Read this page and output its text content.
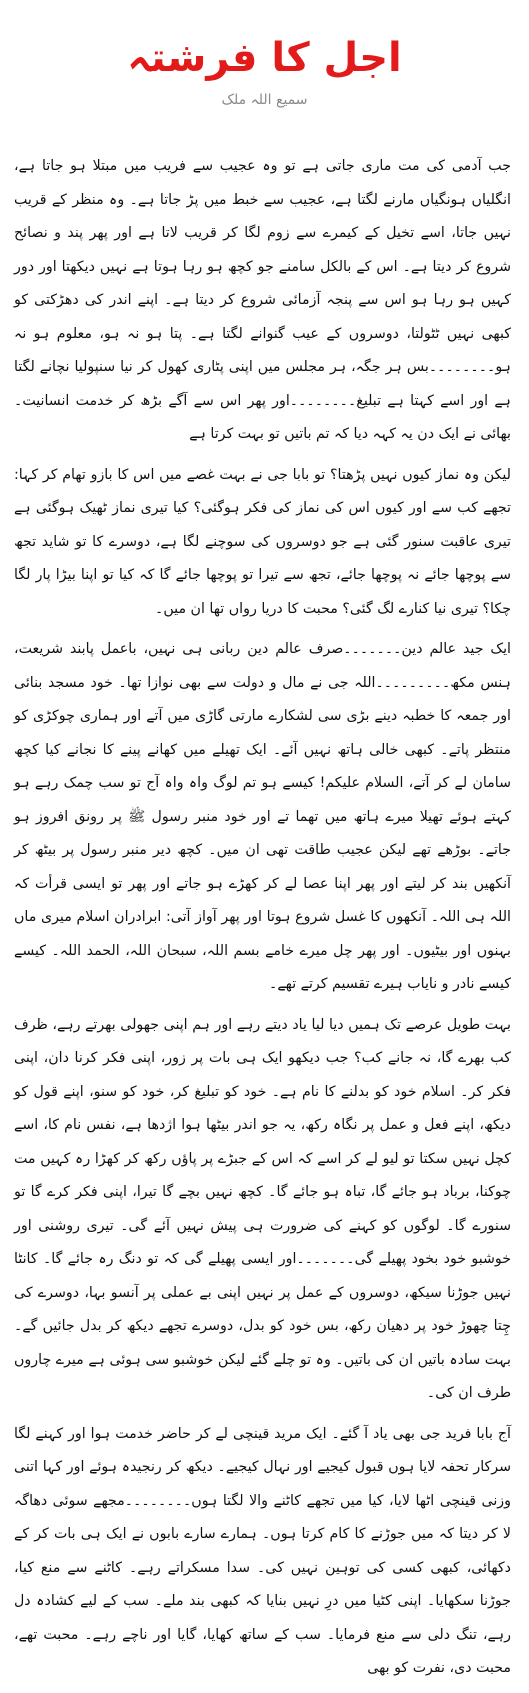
اجل کا فرشتہ
سمیع اللہ ملک

جب آدمی کی مت ماری جاتی ہے تو وہ عجیب سے فریب میں مبتلا ہو جاتا ہے، انگلیاں ہونگیاں مارنے لگتا ہے، عجیب سے خبط میں پڑ جاتا ہے۔ وہ منظر کے قریب نہیں جاتا، اسے تخیل کے کیمرے سے زوم لگا کر قریب لاتا ہے اور پھر پند و نصائح شروع کر دیتا ہے۔ اس کے بالکل سامنے جو کچھ ہو رہا ہوتا ہے نہیں دیکھتا اور دور کہیں ہو رہا ہو اس سے پنجہ آزمائی شروع کر دیتا ہے۔ اپنے اندر کی دھڑکتی کو کبھی نہیں ٹٹولتا، دوسروں کے عیب گنوانے لگتا ہے۔ پتا ہو نہ ہو، معلوم ہو نہ ہو۔۔۔۔۔۔۔۔بس ہر جگہ، ہر مجلس میں اپنی پٹاری کھول کر نیا سنپولیا نچانے لگتا ہے اور اسے کہتا ہے تبلیغ۔۔۔۔۔۔۔۔اور پھر اس سے آگے بڑھ کر خدمت انسانیت۔ بھائی نے ایک دن یہ کہہ دیا کہ تم باتیں تو بہت کرتا ہے

لیکن وہ نماز کیوں نہیں پڑھتا؟ تو بابا جی نے بہت غصے میں اس کا بازو تھام کر کہا: تجھے کب سے اور کیوں اس کی نماز کی فکر ہوگئی؟ کیا تیری نماز ٹھیک ہوگئی ہے تیری عاقبت سنور گئی ہے جو دوسروں کی سوچنے لگا ہے، دوسرے کا تو شاید تجھ سے پوچھا جائے نہ پوچھا جائے، تجھ سے تیرا تو پوچھا جائے گا کہ کیا تو اپنا بیڑا پار لگا چکا؟ تیری نیا کنارے لگ گئی؟ محبت کا دریا رواں تھا ان میں۔

ایک جید عالم دین۔۔۔۔۔۔۔صرف عالم دین ربانی ہی نہیں، باعمل پابند شریعت، ہنس مکھ۔۔۔۔۔۔۔۔۔اللہ جی نے مال و دولت سے بھی نوازا تھا۔ خود مسجد بنائی اور جمعہ کا خطبہ دینے بڑی سی لشکارے مارتی گاڑی میں آتے اور ہماری چوکڑی کو منتظر پاتے۔ کبھی خالی ہاتھ نہیں آئے۔ ایک تھیلے میں کھانے پینے کا نجانے کیا کچھ سامان لے کر آتے، السلام علیکم! کیسے ہو تم لوگ واہ واہ آج تو سب چمک رہے ہو کہتے ہوئے تھیلا میرے ہاتھ میں تھما تے اور خود منبر رسول ﷺ پر رونق افروز ہو جاتے۔ بوڑھے تھے لیکن عجیب طاقت تھی ان میں۔ کچھ دیر منبر رسول پر بیٹھ کر آنکھیں بند کر لیتے اور پھر اپنا عصا لے کر کھڑے ہو جاتے اور پھر تو ایسی قرأت کہ اللہ ہی اللہ۔ آنکھوں کا غسل شروع ہوتا اور پھر آواز آتی: ابرادران اسلام میری ماں بہنوں اور بیٹیوں۔ اور پھر چل میرے خامے بسم اللہ، سبحان اللہ، الحمد اللہ۔ کیسے کیسے نادر و نایاب ہیرے تقسیم کرتے تھے۔

بہت طویل عرصے تک ہمیں دیا لیا یاد دیتے رہے اور ہم اپنی جھولی بھرتے رہے، ظرف کب بھرے گا، نہ جانے کب؟ جب دیکھو ایک ہی بات پر زور، اپنی فکر کرنا دان، اپنی فکر کر۔ اسلام خود کو بدلنے کا نام ہے۔ خود کو تبلیغ کر، خود کو سنو، اپنے قول کو دیکھ، اپنے فعل و عمل پر نگاہ رکھ، یہ جو اندر بیٹھا ہوا اژدھا ہے، نفس نام کا، اسے کچل نہیں سکتا تو لیو لے کر اسے کہ اس کے جبڑے پر پاؤں رکھ کر کھڑا رہ کہیں مت چوکنا، برباد ہو جائے گا، تباہ ہو جائے گا۔ کچھ نہیں بچے گا تیرا، اپنی فکر کرے گا تو سنورے گا۔ لوگوں کو کہنے کی ضرورت ہی پیش نہیں آئے گی۔ تیری روشنی اور خوشبو خود بخود پھیلے گی۔۔۔۔۔۔۔اور ایسی پھیلے گی کہ تو دنگ رہ جائے گا۔ کانٹا نہیں جوڑنا سیکھ، دوسروں کے عمل پر نہیں اپنی بے عملی پر آنسو بہا، دوسرے کی چِتا چھوڑ خود پر دھیان رکھ، بس خود کو بدل، دوسرے تجھے دیکھ کر بدل جائیں گے۔ بہت سادہ باتیں ان کی باتیں۔ وہ تو چلے گئے لیکن خوشبو سی ہوئی ہے میرے چاروں طرف ان کی۔

آج بابا فرید جی بھی یاد آ گئے۔ ایک مرید قینچی لے کر حاضر خدمت ہوا اور کہنے لگا سرکار تحفہ لایا ہوں قبول کیجیے اور نہال کیجیے۔ دیکھ کر رنجیدہ ہوئے اور کہا اتنی وزنی قینچی اٹھا لایا، کیا میں تجھے کاٹنے والا لگتا ہوں۔۔۔۔۔۔۔۔مجھے سوئی دھاگہ لا کر دیتا کہ میں جوڑنے کا کام کرتا ہوں۔ ہمارے سارے بابوں نے ایک ہی بات کر کے دکھائی، کبھی کسی کی توہین نہیں کی۔ سدا مسکراتے رہے۔ کاٹنے سے منع کیا، جوڑنا سکھایا۔ اپنی کٹیا میں درِ نہیں بنایا کہ کبھی بند ملے۔ سب کے لیے کشادہ دل رہے، تنگ دلی سے منع فرمایا۔ سب کے ساتھ کھایا، گایا اور ناچے رہے۔ محبت تھے، محبت دی، نفرت کو بھی
